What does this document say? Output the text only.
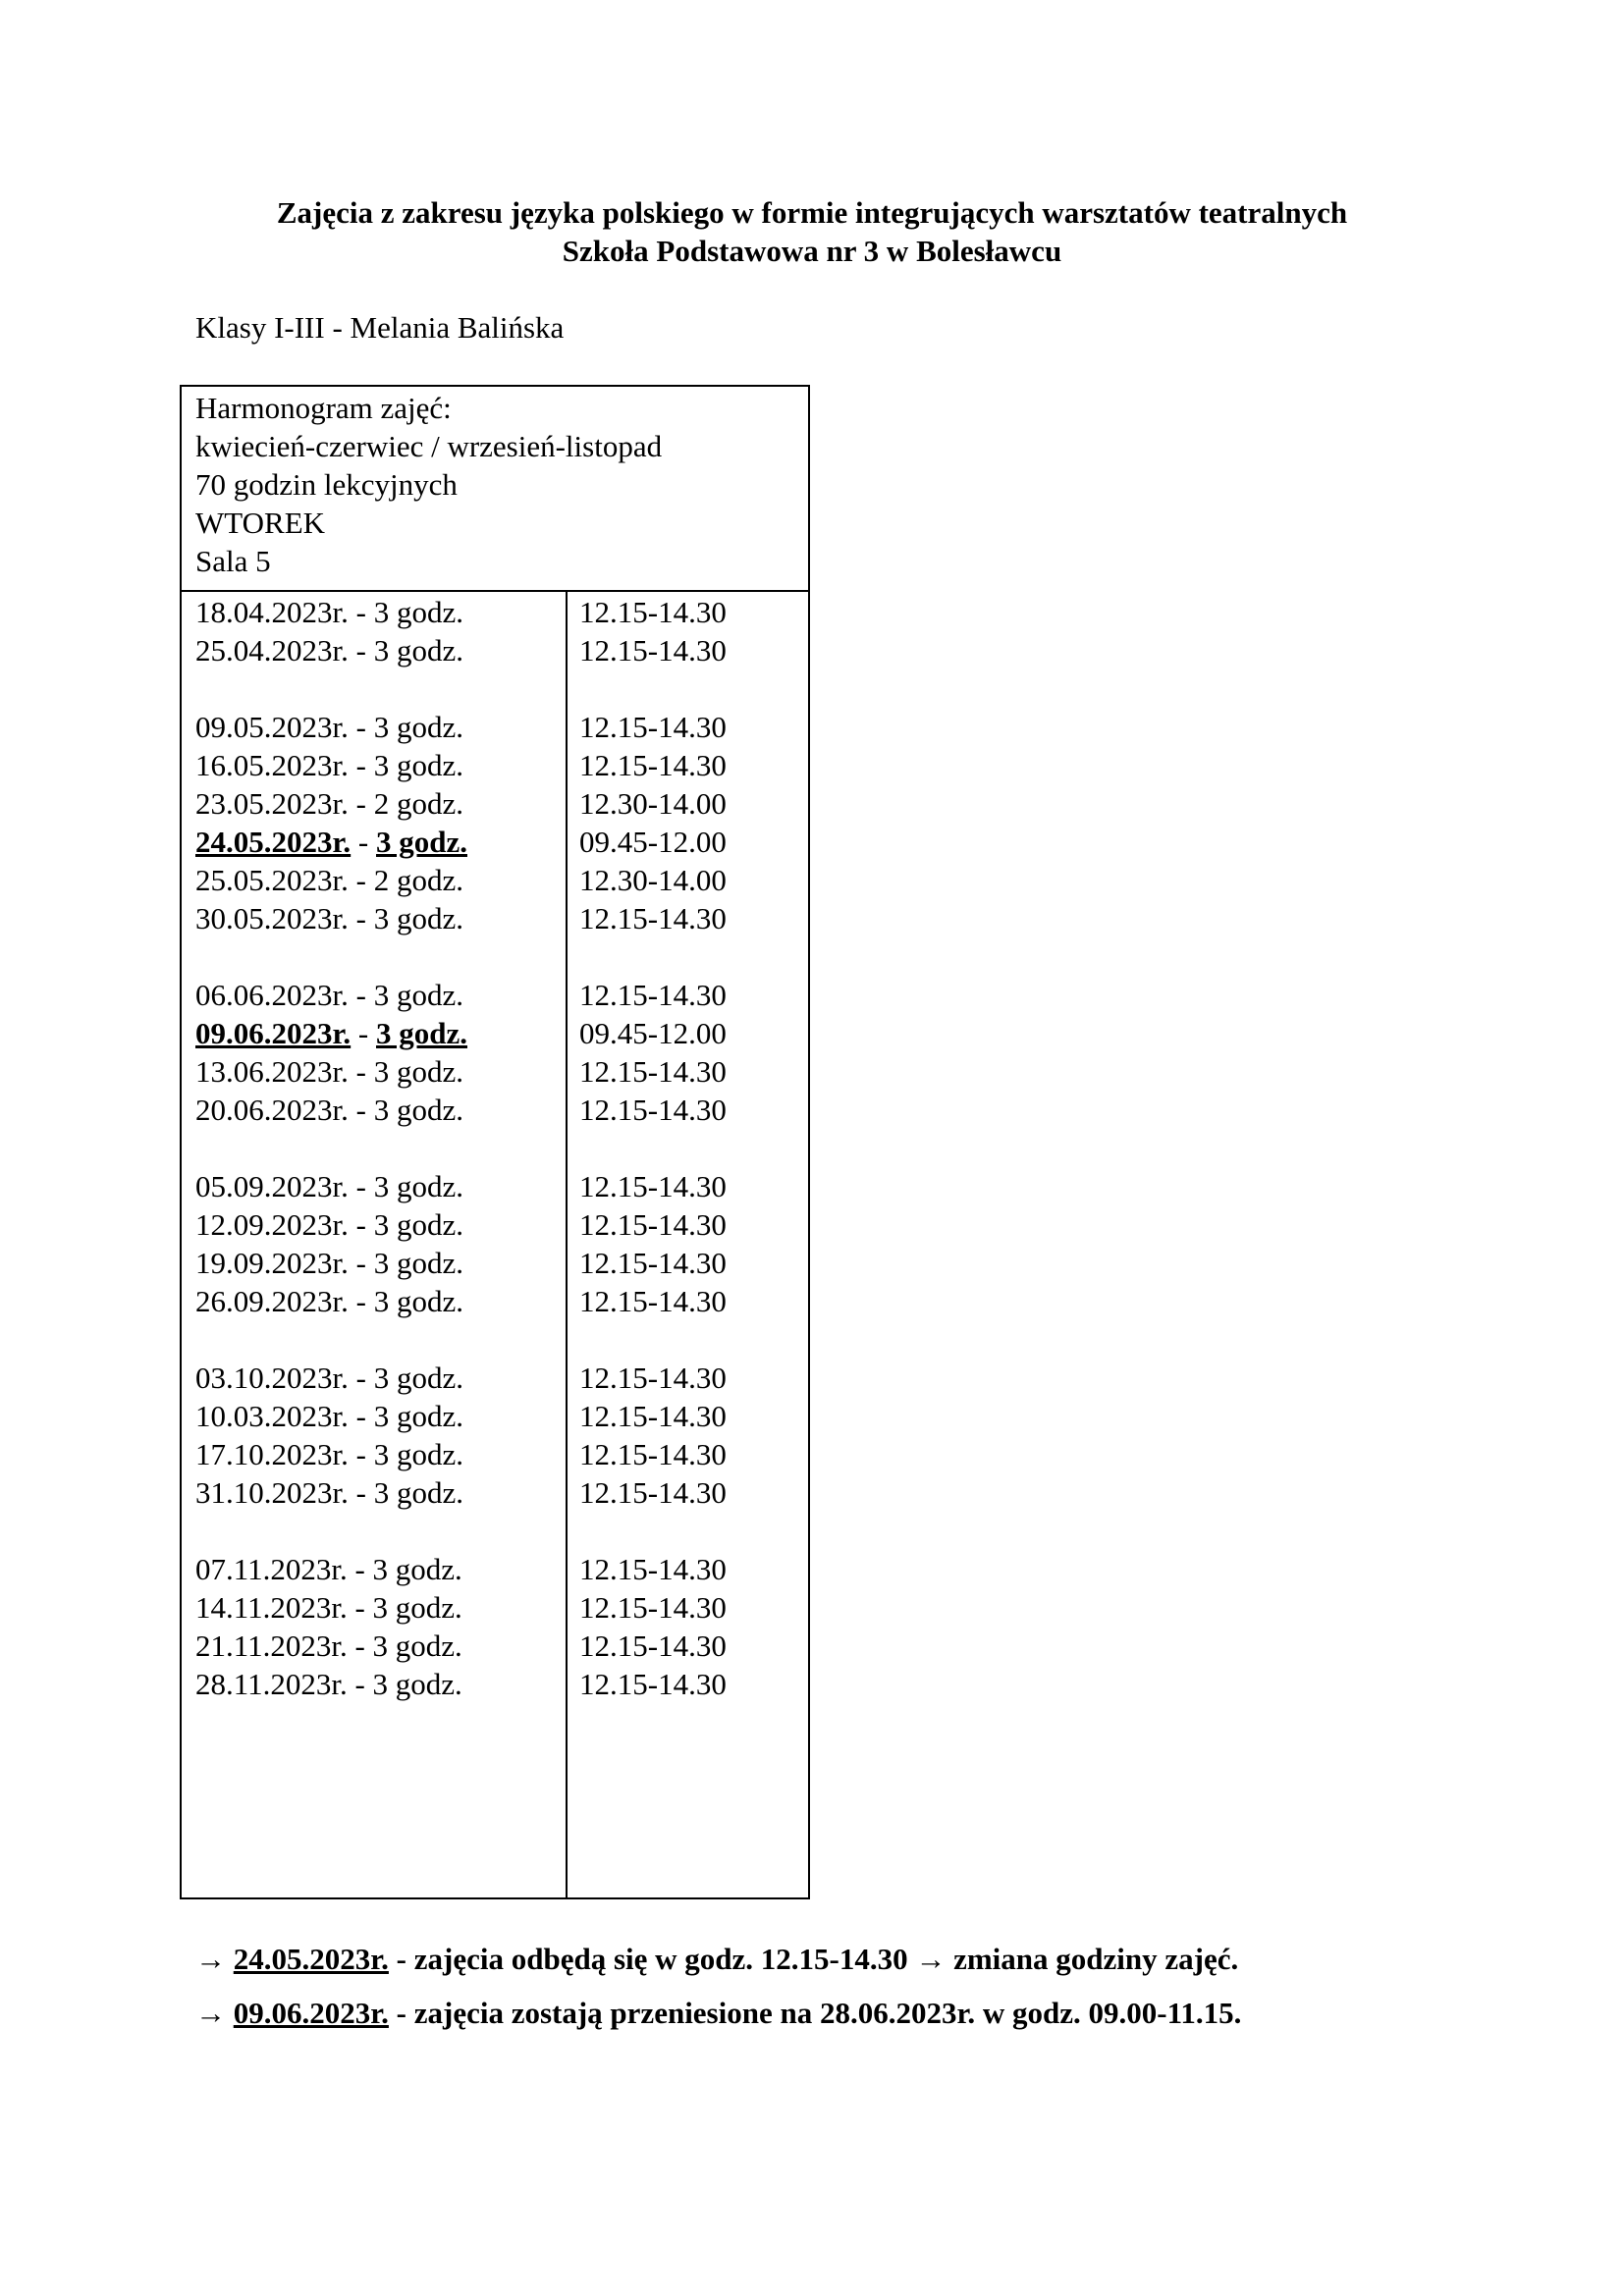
Zajęcia z zakresu języka polskiego w formie integrujących warsztatów teatralnych
Szkoła Podstawowa nr 3 w Bolesławcu
Klasy I-III - Melania Balińska
Harmonogram zajęć:
kwiecień-czerwiec / wrzesień-listopad
70 godzin lekcyjnych
WTOREK
Sala 5
18.04.2023r. - 3 godz.	12.15-14.30
25.04.2023r. - 3 godz.	12.15-14.30
09.05.2023r. - 3 godz.	12.15-14.30
16.05.2023r. - 3 godz.	12.15-14.30
23.05.2023r. - 2 godz.	12.30-14.00
24.05.2023r. - 3 godz.	09.45-12.00
25.05.2023r. - 2 godz.	12.30-14.00
30.05.2023r. - 3 godz.	12.15-14.30
06.06.2023r. - 3 godz.	12.15-14.30
09.06.2023r. - 3 godz.	09.45-12.00
13.06.2023r. - 3 godz.	12.15-14.30
20.06.2023r. - 3 godz.	12.15-14.30
05.09.2023r. - 3 godz.	12.15-14.30
12.09.2023r. - 3 godz.	12.15-14.30
19.09.2023r. - 3 godz.	12.15-14.30
26.09.2023r. - 3 godz.	12.15-14.30
03.10.2023r. - 3 godz.	12.15-14.30
10.03.2023r. - 3 godz.	12.15-14.30
17.10.2023r. - 3 godz.	12.15-14.30
31.10.2023r. - 3 godz.	12.15-14.30
07.11.2023r. - 3 godz.	12.15-14.30
14.11.2023r. - 3 godz.	12.15-14.30
21.11.2023r. - 3 godz.	12.15-14.30
28.11.2023r. - 3 godz.	12.15-14.30
→ 24.05.2023r. - zajęcia odbędą się w godz. 12.15-14.30 → zmiana godziny zajęć.
→ 09.06.2023r. - zajęcia zostają przeniesione na 28.06.2023r. w godz. 09.00-11.15.
